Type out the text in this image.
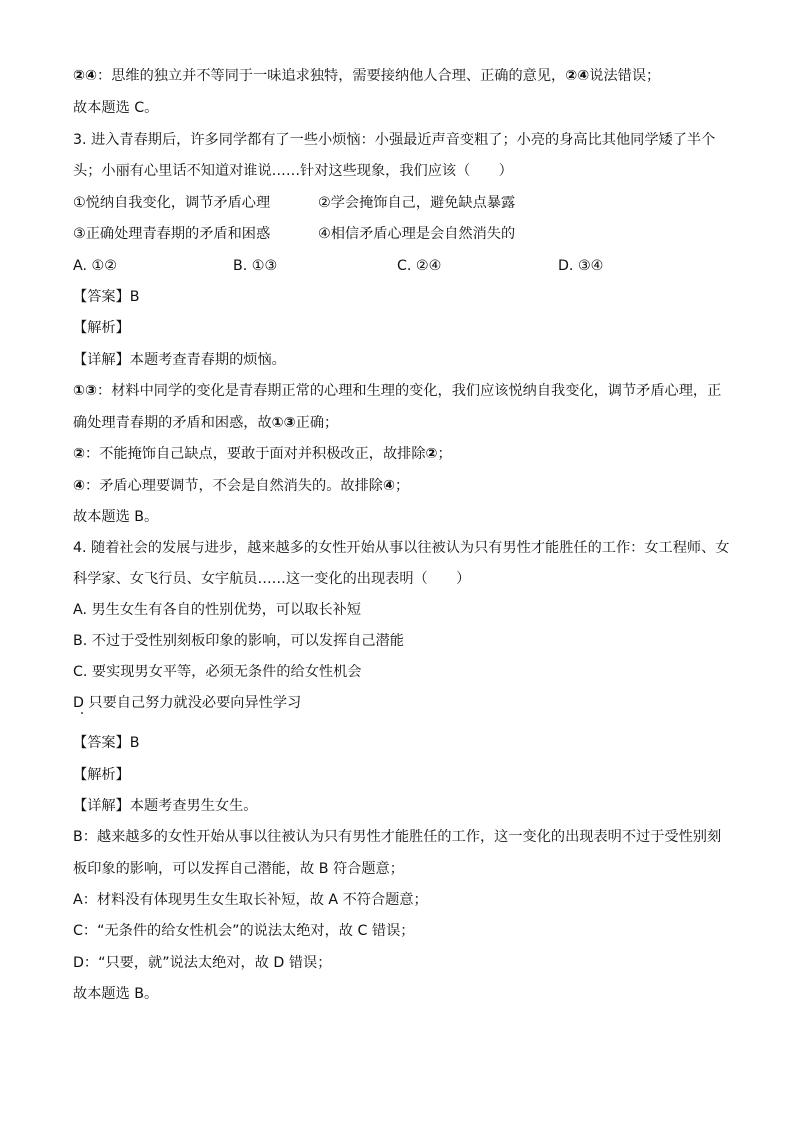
②④：思维的独立并不等同于一味追求独特，需要接纳他人合理、正确的意见，②④说法错误；

故本题选 C。

3. 进入青春期后，许多同学都有了一些小烦恼：小强最近声音变粗了；小亮的身高比其他同学矮了半个

头；小丽有心里话不知道对谁说……针对这些现象，我们应该（　　）

①悦纳自我变化，调节矛盾心理	②学会掩饰自己，避免缺点暴露

③正确处理青春期的矛盾和困惑	④相信矛盾心理是会自然消失的

A. ①②	B. ①③	C. ②④	D. ③④

【答案】B

【解析】

【详解】本题考查青春期的烦恼。

①③：材料中同学的变化是青春期正常的心理和生理的变化，我们应该悦纳自我变化，调节矛盾心理，正

确处理青春期的矛盾和困惑，故①③正确；

②：不能掩饰自己缺点，要敢于面对并积极改正，故排除②；

④：矛盾心理要调节，不会是自然消失的。故排除④；

故本题选 B。

4. 随着社会的发展与进步，越来越多的女性开始从事以往被认为只有男性才能胜任的工作：女工程师、女

科学家、女飞行员、女宇航员……这一变化的出现表明（　　）

A. 男生女生有各自的性别优势，可以取长补短

B. 不过于受性别刻板印象的影响，可以发挥自己潜能

C. 要实现男女平等，必须无条件的给女性机会

D 只要自己努力就没必要向异性学习

【答案】B

【解析】

【详解】本题考查男生女生。

B：越来越多的女性开始从事以往被认为只有男性才能胜任的工作，这一变化的出现表明不过于受性别刻

板印象的影响，可以发挥自己潜能，故 B 符合题意；

A：材料没有体现男生女生取长补短，故 A 不符合题意；

C：“无条件的给女性机会”的说法太绝对，故 C 错误；

D：“只要，就”说法太绝对，故 D 错误；

故本题选 B。
